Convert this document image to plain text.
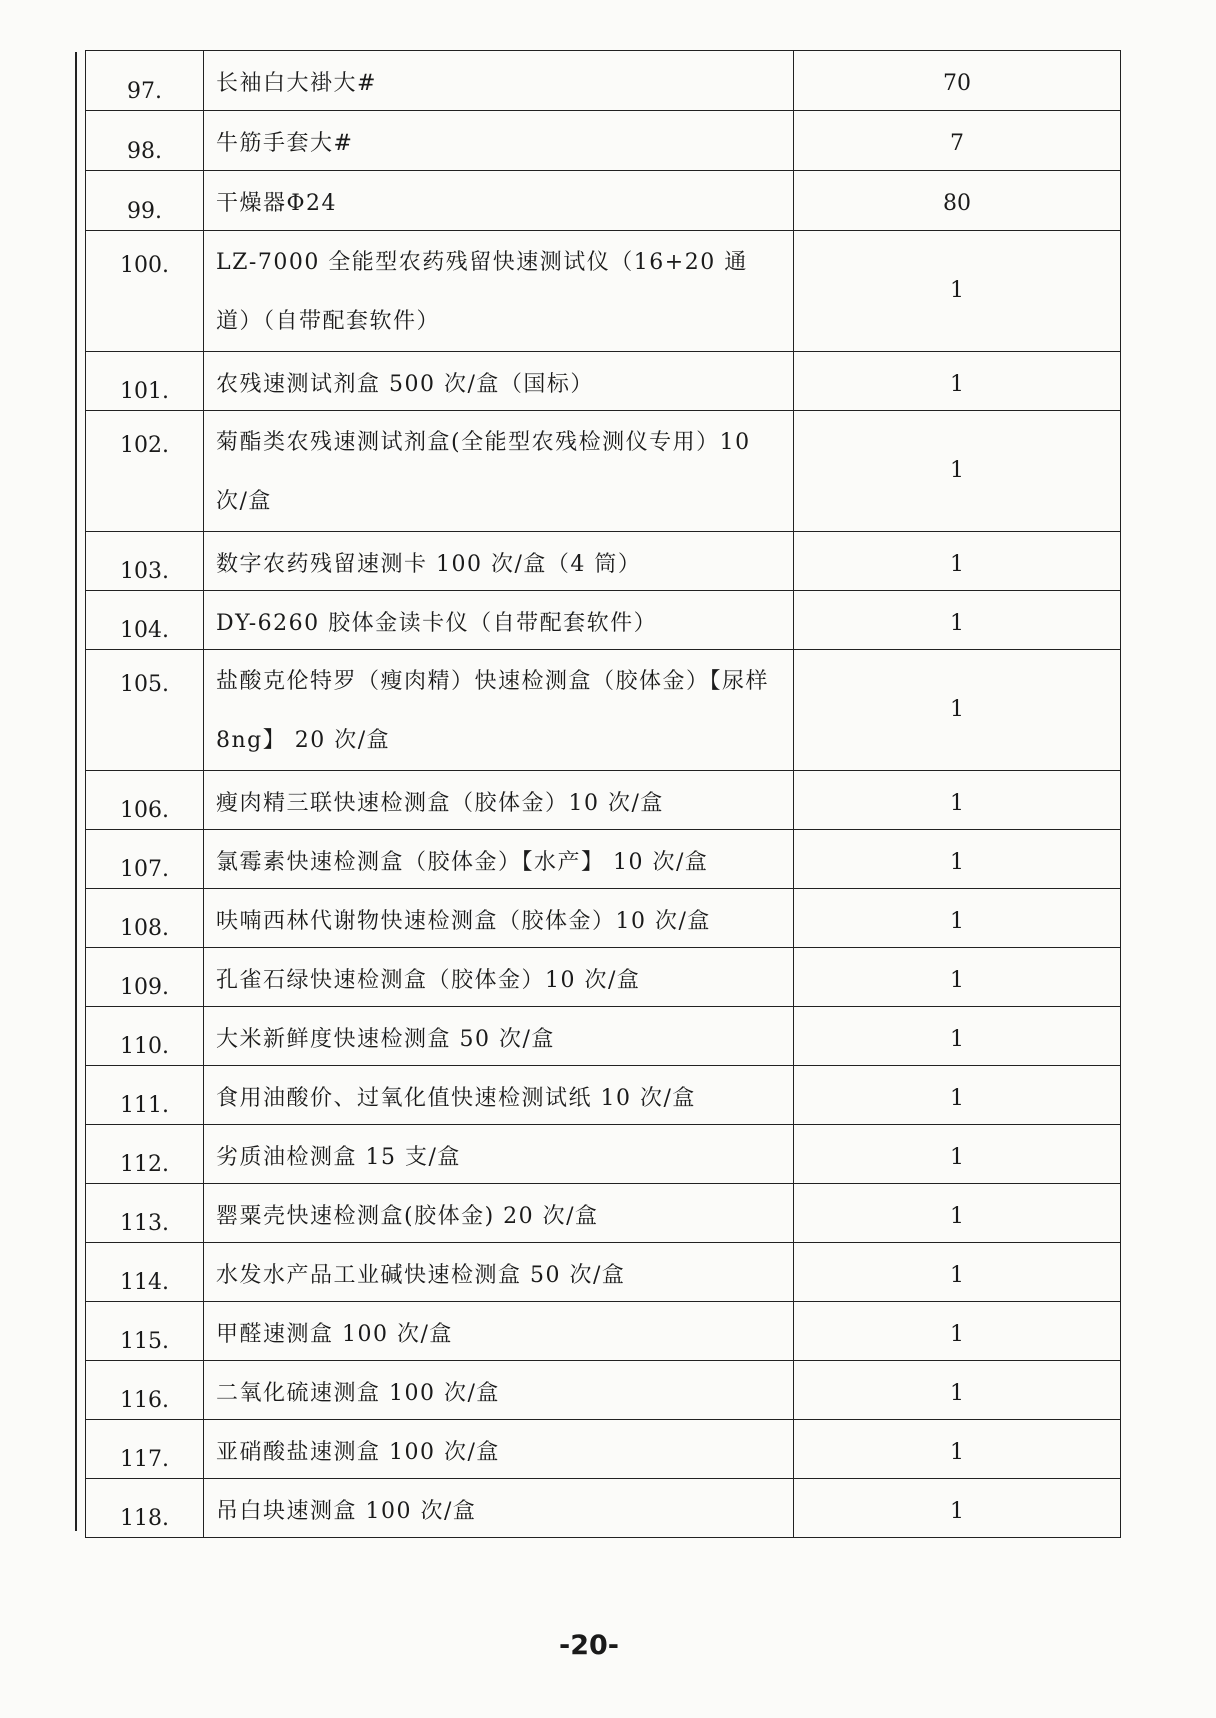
97.	长袖白大褂大#	70
98.	牛筋手套大#	7
99.	干燥器Φ24	80
100.	LZ-7000 全能型农药残留快速测试仪（16+20 通道）（自带配套软件）	1
101.	农残速测试剂盒 500 次/盒（国标）	1
102.	菊酯类农残速测试剂盒(全能型农残检测仪专用）10 次/盒	1
103.	数字农药残留速测卡 100 次/盒（4 筒）	1
104.	DY-6260 胶体金读卡仪（自带配套软件）	1
105.	盐酸克伦特罗（瘦肉精）快速检测盒（胶体金）【尿样 8ng】 20 次/盒	1
106.	瘦肉精三联快速检测盒（胶体金）10 次/盒	1
107.	氯霉素快速检测盒（胶体金）【水产】 10 次/盒	1
108.	呋喃西林代谢物快速检测盒（胶体金）10 次/盒	1
109.	孔雀石绿快速检测盒（胶体金）10 次/盒	1
110.	大米新鲜度快速检测盒 50 次/盒	1
111.	食用油酸价、过氧化值快速检测试纸 10 次/盒	1
112.	劣质油检测盒 15 支/盒	1
113.	罂粟壳快速检测盒(胶体金) 20 次/盒	1
114.	水发水产品工业碱快速检测盒 50 次/盒	1
115.	甲醛速测盒 100 次/盒	1
116.	二氧化硫速测盒 100 次/盒	1
117.	亚硝酸盐速测盒 100 次/盒	1
118.	吊白块速测盒 100 次/盒	1
-20-
